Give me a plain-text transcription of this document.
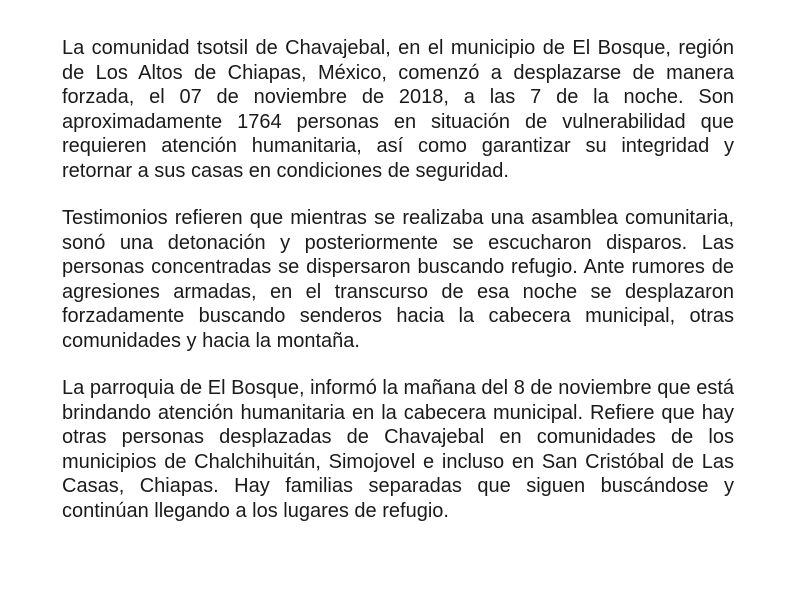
La comunidad tsotsil de Chavajebal, en el municipio de El Bosque, región de Los Altos de Chiapas, México, comenzó a desplazarse de manera forzada, el 07 de noviembre de 2018, a las 7 de la noche. Son aproximadamente 1764 personas en situación de vulnerabilidad que requieren atención humanitaria, así como garantizar su integridad y retornar a sus casas en condiciones de seguridad.

Testimonios refieren que mientras se realizaba una asamblea comunitaria, sonó una detonación y posteriormente se escucharon disparos. Las personas concentradas se dispersaron buscando refugio. Ante rumores de agresiones armadas, en el transcurso de esa noche se desplazaron forzadamente buscando senderos hacia la cabecera municipal, otras comunidades y hacia la montaña.

La parroquia de El Bosque, informó la mañana del 8 de noviembre que está brindando atención humanitaria en la cabecera municipal. Refiere que hay otras personas desplazadas de Chavajebal en comunidades de los municipios de Chalchihuitán, Simojovel e incluso en San Cristóbal de Las Casas, Chiapas. Hay familias separadas que siguen buscándose y continúan llegando a los lugares de refugio.
